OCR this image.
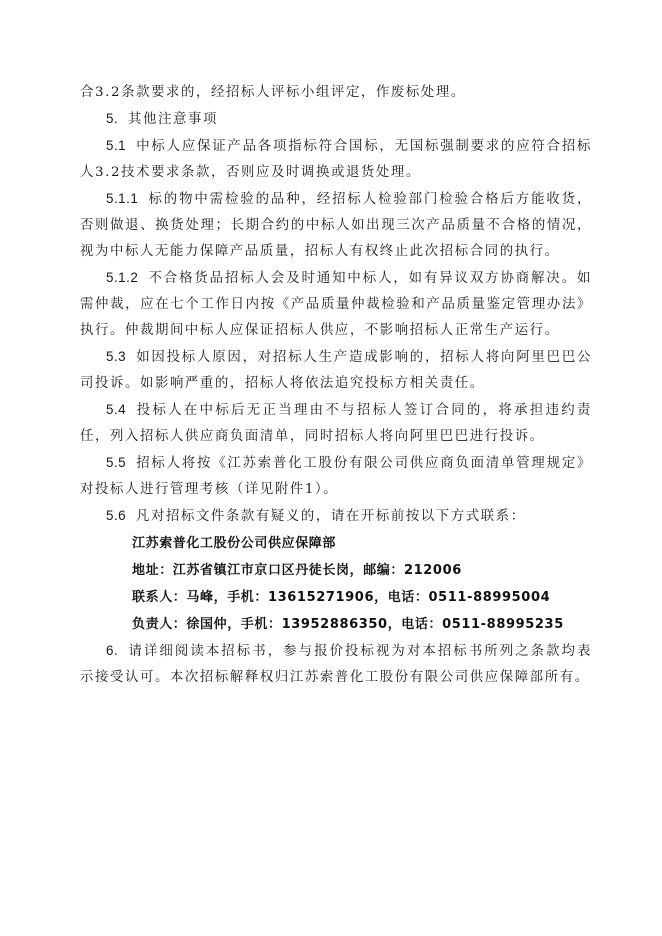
合3.2条款要求的，经招标人评标小组评定，作废标处理。

5. 其他注意事项

5.1 中标人应保证产品各项指标符合国标，无国标强制要求的应符合招标人3.2技术要求条款，否则应及时调换或退货处理。

5.1.1 标的物中需检验的品种，经招标人检验部门检验合格后方能收货，否则做退、换货处理；长期合约的中标人如出现三次产品质量不合格的情况，视为中标人无能力保障产品质量，招标人有权终止此次招标合同的执行。

5.1.2 不合格货品招标人会及时通知中标人，如有异议双方协商解决。如需仲裁，应在七个工作日内按《产品质量仲裁检验和产品质量鉴定管理办法》执行。仲裁期间中标人应保证招标人供应，不影响招标人正常生产运行。

5.3 如因投标人原因，对招标人生产造成影响的，招标人将向阿里巴巴公司投诉。如影响严重的，招标人将依法追究投标方相关责任。

5.4 投标人在中标后无正当理由不与招标人签订合同的，将承担违约责任，列入招标人供应商负面清单，同时招标人将向阿里巴巴进行投诉。

5.5 招标人将按《江苏索普化工股份有限公司供应商负面清单管理规定》对投标人进行管理考核（详见附件1）。

5.6 凡对招标文件条款有疑义的，请在开标前按以下方式联系：

江苏索普化工股份公司供应保障部

地址：江苏省镇江市京口区丹徒长岗，邮编：212006

联系人：马峰，手机：13615271906，电话：0511-88995004

负责人：徐国仲，手机：13952886350，电话：0511-88995235

6. 请详细阅读本招标书，参与报价投标视为对本招标书所列之条款均表示接受认可。本次招标解释权归江苏索普化工股份有限公司供应保障部所有。
